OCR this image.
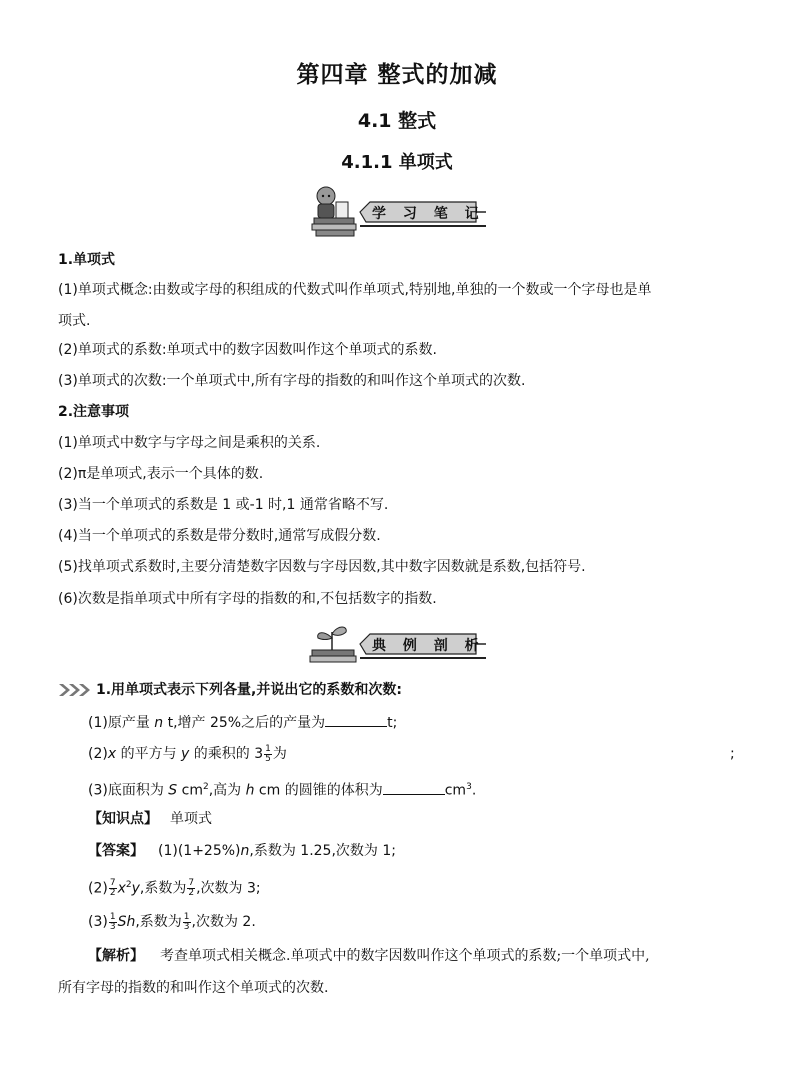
第四章 整式的加减
4.1 整式
4.1.1 单项式
学 习 笔 记
1.单项式
(1)单项式概念:由数或字母的积组成的代数式叫作单项式,特别地,单独的一个数或一个字母也是单
项式.
(2)单项式的系数:单项式中的数字因数叫作这个单项式的系数.
(3)单项式的次数:一个单项式中,所有字母的指数的和叫作这个单项式的次数.
2.注意事项
(1)单项式中数字与字母之间是乘积的关系.
(2)π是单项式,表示一个具体的数.
(3)当一个单项式的系数是 1 或-1 时,1 通常省略不写.
(4)当一个单项式的系数是带分数时,通常写成假分数.
(5)找单项式系数时,主要分清楚数字因数与字母因数,其中数字因数就是系数,包括符号.
(6)次数是指单项式中所有字母的指数的和,不包括数字的指数.
典 例 剖 析
1.用单项式表示下列各量,并说出它的系数和次数:
(1)原产量 n t,增产 25%之后的产量为	t;
(2)x 的平方与 y 的乘积的 $3 \frac{1}{5}$ 为	;
(3)底面积为 S $cm^2$,高为 h cm 的圆锥的体积为	$cm^3$.
【知识点】 单项式
【答案】 (1)(1+25%)n,系数为 1.25,次数为 1;
$(2) \frac{7}{2} x^2y$,系数为 $\frac{7}{2}$ ,次数为 3;
$(3) \frac{1}{3} Sh$,系数为 $\frac{1}{3}$ ,次数为 2.
【解析】 考查单项式相关概念.单项式中的数字因数叫作这个单项式的系数;一个单项式中,
所有字母的指数的和叫作这个单项式的次数.
